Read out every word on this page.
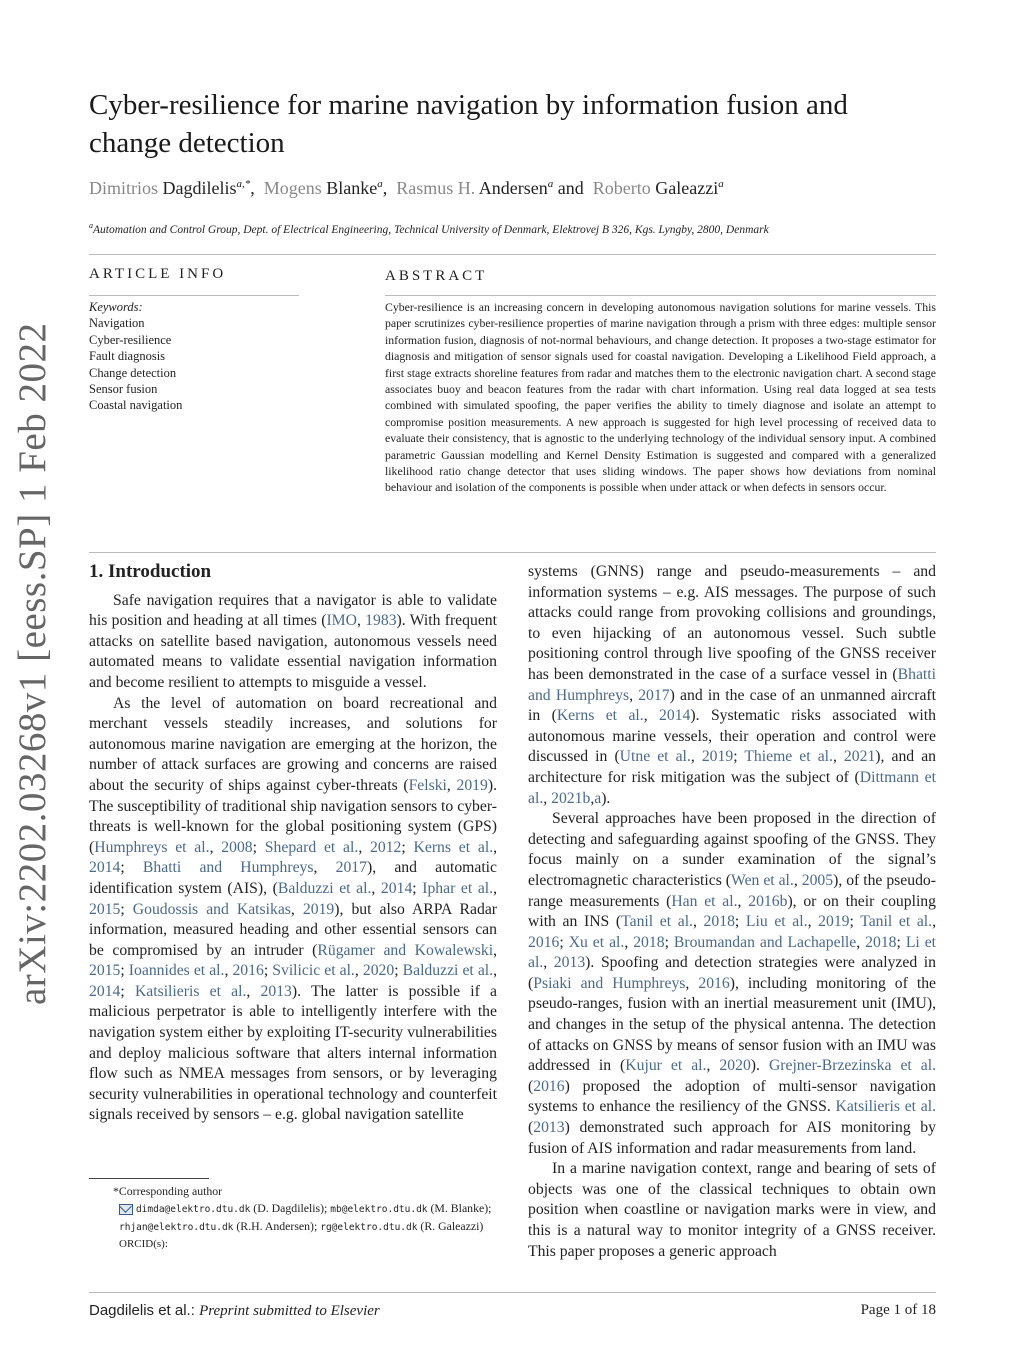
arXiv:2202.03268v1 [eess.SP] 1 Feb 2022
Cyber-resilience for marine navigation by information fusion and change detection
Dimitrios Dagdilelis$^{a,*}$,  Mogens Blanke$^a$,  Rasmus H. Andersen$^a$ and  Roberto Galeazzi$^a$
$^a$Automation and Control Group, Dept. of Electrical Engineering, Technical University of Denmark, Elektrovej B 326, Kgs. Lyngby, 2800, Denmark
ARTICLE INFO	ABSTRACT
Keywords:
Navigation
Cyber-resilience
Fault diagnosis
Change detection
Sensor fusion
Coastal navigation
Cyber-resilience is an increasing concern in developing autonomous navigation solutions for marine vessels. This paper scrutinizes cyber-resilience properties of marine navigation through a prism with three edges: multiple sensor information fusion, diagnosis of not-normal behaviours, and change detection. It proposes a two-stage estimator for diagnosis and mitigation of sensor signals used for coastal navigation. Developing a Likelihood Field approach, a first stage extracts shoreline features from radar and matches them to the electronic navigation chart. A second stage associates buoy and beacon features from the radar with chart information. Using real data logged at sea tests combined with simulated spoofing, the paper verifies the ability to timely diagnose and isolate an attempt to compromise position measurements. A new approach is suggested for high level processing of received data to evaluate their consistency, that is agnostic to the underlying technology of the individual sensory input. A combined parametric Gaussian modelling and Kernel Density Estimation is suggested and compared with a generalized likelihood ratio change detector that uses sliding windows. The paper shows how deviations from nominal behaviour and isolation of the components is possible when under attack or when defects in sensors occur.
1. Introduction

Safe navigation requires that a navigator is able to validate his position and heading at all times (IMO, 1983). With frequent attacks on satellite based navigation, autonomous vessels need automated means to validate essential navigation information and become resilient to attempts to misguide a vessel.

As the level of automation on board recreational and merchant vessels steadily increases, and solutions for autonomous marine navigation are emerging at the horizon, the number of attack surfaces are growing and concerns are raised about the security of ships against cyber-threats (Felski, 2019). The susceptibility of traditional ship navigation sensors to cyber-threats is well-known for the global positioning system (GPS) (Humphreys et al., 2008; Shepard et al., 2012; Kerns et al., 2014; Bhatti and Humphreys, 2017), and automatic identification system (AIS), (Balduzzi et al., 2014; Iphar et al., 2015; Goudossis and Katsikas, 2019), but also ARPA Radar information, measured heading and other essential sensors can be compromised by an intruder (Rügamer and Kowalewski, 2015; Ioannides et al., 2016; Svilicic et al., 2020; Balduzzi et al., 2014; Katsilieris et al., 2013). The latter is possible if a malicious perpetrator is able to intelligently interfere with the navigation system either by exploiting IT-security vulnerabilities and deploy malicious software that alters internal information flow such as NMEA messages from sensors, or by leveraging security vulnerabilities in operational technology and counterfeit signals received by sensors – e.g. global navigation satellite

systems (GNNS) range and pseudo-measurements – and information systems – e.g. AIS messages. The purpose of such attacks could range from provoking collisions and groundings, to even hijacking of an autonomous vessel. Such subtle positioning control through live spoofing of the GNSS receiver has been demonstrated in the case of a surface vessel in (Bhatti and Humphreys, 2017) and in the case of an unmanned aircraft in (Kerns et al., 2014). Systematic risks associated with autonomous marine vessels, their operation and control were discussed in (Utne et al., 2019; Thieme et al., 2021), and an architecture for risk mitigation was the subject of (Dittmann et al., 2021b,a).

Several approaches have been proposed in the direction of detecting and safeguarding against spoofing of the GNSS. They focus mainly on a sunder examination of the signal’s electromagnetic characteristics (Wen et al., 2005), of the pseudo-range measurements (Han et al., 2016b), or on their coupling with an INS (Tanil et al., 2018; Liu et al., 2019; Tanil et al., 2016; Xu et al., 2018; Broumandan and Lachapelle, 2018; Li et al., 2013). Spoofing and detection strategies were analyzed in (Psiaki and Humphreys, 2016), including monitoring of the pseudo-ranges, fusion with an inertial measurement unit (IMU), and changes in the setup of the physical antenna. The detection of attacks on GNSS by means of sensor fusion with an IMU was addressed in (Kujur et al., 2020). Grejner-Brzezinska et al. (2016) proposed the adoption of multi-sensor navigation systems to enhance the resiliency of the GNSS. Katsilieris et al. (2013) demonstrated such approach for AIS monitoring by fusion of AIS information and radar measurements from land.

In a marine navigation context, range and bearing of sets of objects was one of the classical techniques to obtain own position when coastline or navigation marks were in view, and this is a natural way to monitor integrity of a GNSS receiver. This paper proposes a generic approach

*Corresponding author
dimda@elektro.dtu.dk (D. Dagdilelis); mb@elektro.dtu.dk (M. Blanke); rhjan@elektro.dtu.dk (R.H. Andersen); rg@elektro.dtu.dk (R. Galeazzi)
ORCID(s):
Dagdilelis et al.: Preprint submitted to Elsevier	Page 1 of 18
